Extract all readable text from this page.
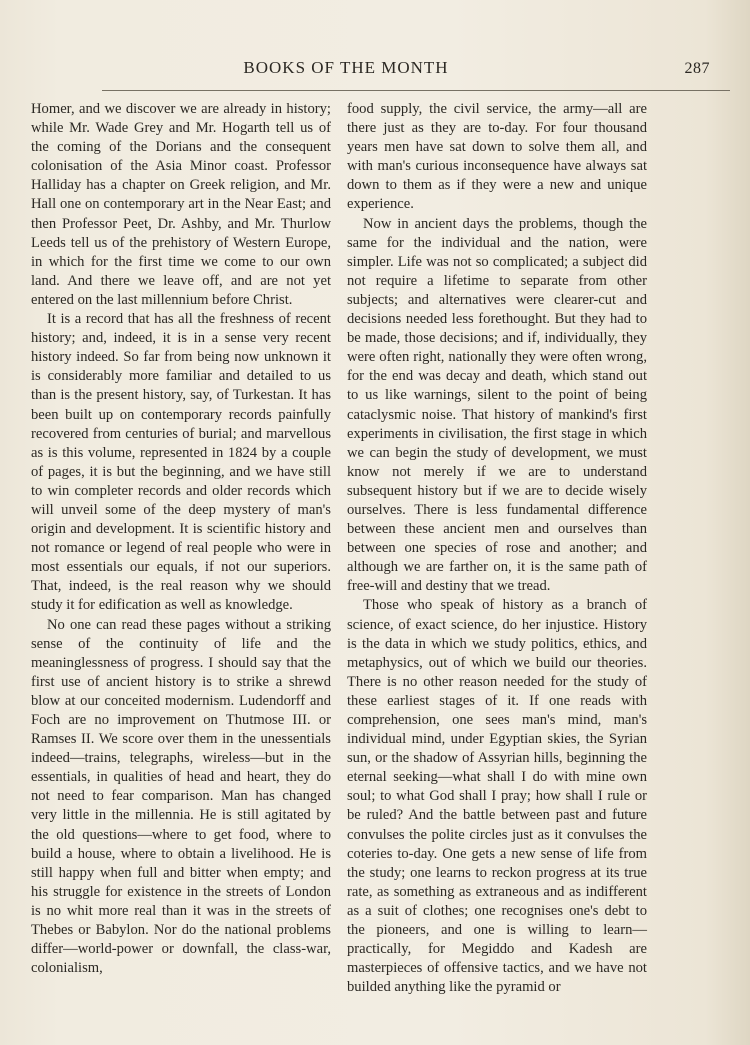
BOOKS OF THE MONTH	287

Homer, and we discover we are already in history; while Mr. Wade Grey and Mr. Hogarth tell us of the coming of the Dorians and the consequent colonisation of the Asia Minor coast. Professor Halliday has a chapter on Greek religion, and Mr. Hall one on contemporary art in the Near East; and then Professor Peet, Dr. Ashby, and Mr. Thurlow Leeds tell us of the prehistory of Western Europe, in which for the first time we come to our own land. And there we leave off, and are not yet entered on the last millennium before Christ.

It is a record that has all the freshness of recent history; and, indeed, it is in a sense very recent history indeed. So far from being now unknown it is considerably more familiar and detailed to us than is the present history, say, of Turkestan. It has been built up on contemporary records painfully recovered from centuries of burial; and marvellous as is this volume, represented in 1824 by a couple of pages, it is but the beginning, and we have still to win completer records and older records which will unveil some of the deep mystery of man's origin and development. It is scientific history and not romance or legend of real people who were in most essentials our equals, if not our superiors. That, indeed, is the real reason why we should study it for edification as well as knowledge.

No one can read these pages without a striking sense of the continuity of life and the meaninglessness of progress. I should say that the first use of ancient history is to strike a shrewd blow at our conceited modernism. Ludendorff and Foch are no improvement on Thutmose III. or Ramses II. We score over them in the unessentials indeed—trains, telegraphs, wireless—but in the essentials, in qualities of head and heart, they do not need to fear comparison. Man has changed very little in the millennia. He is still agitated by the old questions—where to get food, where to build a house, where to obtain a livelihood. He is still happy when full and bitter when empty; and his struggle for existence in the streets of London is no whit more real than it was in the streets of Thebes or Babylon. Nor do the national problems differ—world-power or downfall, the class-war, colonialism,

food supply, the civil service, the army—all are there just as they are to-day. For four thousand years men have sat down to solve them all, and with man's curious inconsequence have always sat down to them as if they were a new and unique experience.

Now in ancient days the problems, though the same for the individual and the nation, were simpler. Life was not so complicated; a subject did not require a lifetime to separate from other subjects; and alternatives were clearer-cut and decisions needed less forethought. But they had to be made, those decisions; and if, individually, they were often right, nationally they were often wrong, for the end was decay and death, which stand out to us like warnings, silent to the point of being cataclysmic noise. That history of mankind's first experiments in civilisation, the first stage in which we can begin the study of development, we must know not merely if we are to understand subsequent history but if we are to decide wisely ourselves. There is less fundamental difference between these ancient men and ourselves than between one species of rose and another; and although we are farther on, it is the same path of free-will and destiny that we tread.

Those who speak of history as a branch of science, of exact science, do her injustice. History is the data in which we study politics, ethics, and metaphysics, out of which we build our theories. There is no other reason needed for the study of these earliest stages of it. If one reads with comprehension, one sees man's mind, man's individual mind, under Egyptian skies, the Syrian sun, or the shadow of Assyrian hills, beginning the eternal seeking—what shall I do with mine own soul; to what God shall I pray; how shall I rule or be ruled? And the battle between past and future convulses the polite circles just as it convulses the coteries to-day. One gets a new sense of life from the study; one learns to reckon progress at its true rate, as something as extraneous and as indifferent as a suit of clothes; one recognises one's debt to the pioneers, and one is willing to learn—practically, for Megiddo and Kadesh are masterpieces of offensive tactics, and we have not builded anything like the pyramid or
